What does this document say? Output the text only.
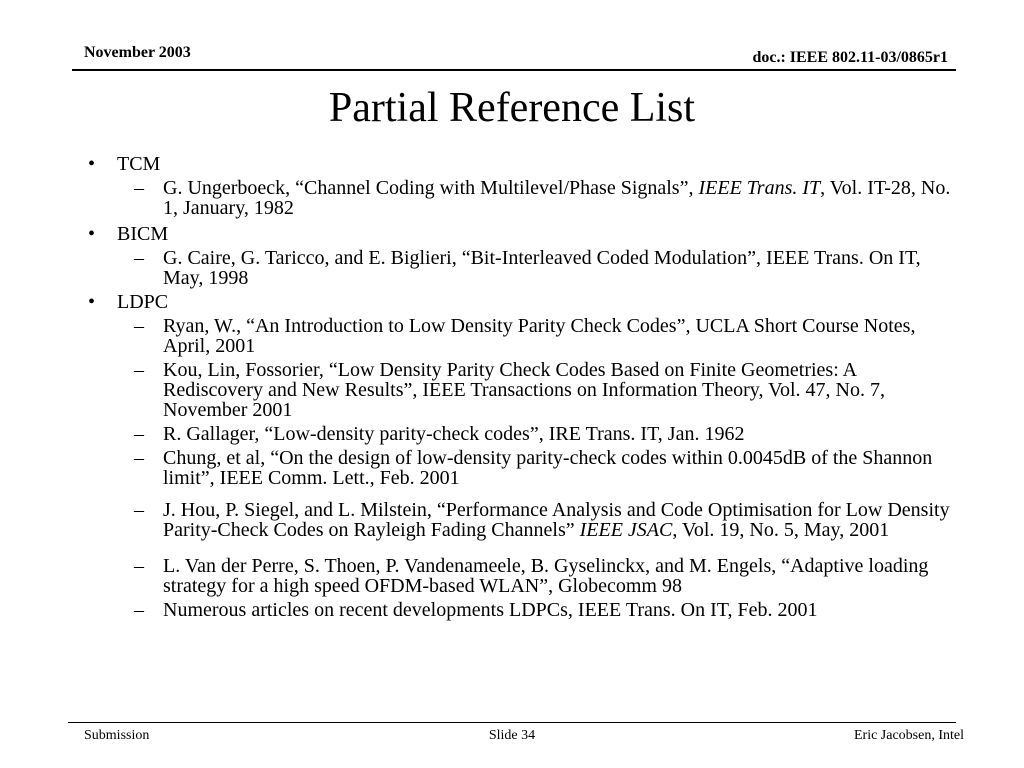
November 2003	doc.: IEEE 802.11-03/0865r1
Partial Reference List
• TCM
– G. Ungerboeck, “Channel Coding with Multilevel/Phase Signals”, IEEE Trans. IT, Vol. IT-28, No. 1, January, 1982
• BICM
– G. Caire, G. Taricco, and E. Biglieri, “Bit-Interleaved Coded Modulation”, IEEE Trans. On IT, May, 1998
• LDPC
– Ryan, W., “An Introduction to Low Density Parity Check Codes”, UCLA Short Course Notes, April, 2001
– Kou, Lin, Fossorier, “Low Density Parity Check Codes Based on Finite Geometries: A Rediscovery and New Results”, IEEE Transactions on Information Theory, Vol. 47, No. 7, November 2001
– R. Gallager, “Low-density parity-check codes”, IRE Trans. IT, Jan. 1962
– Chung, et al, “On the design of low-density parity-check codes within 0.0045dB of the Shannon limit”, IEEE Comm. Lett., Feb. 2001
– J. Hou, P. Siegel, and L. Milstein, “Performance Analysis and Code Optimisation for Low Density Parity-Check Codes on Rayleigh Fading Channels” IEEE JSAC, Vol. 19, No. 5, May, 2001
– L. Van der Perre, S. Thoen, P. Vandenameele, B. Gyselinckx, and M. Engels, “Adaptive loading strategy for a high speed OFDM-based WLAN”, Globecomm 98
– Numerous articles on recent developments LDPCs, IEEE Trans. On IT, Feb. 2001
Submission	Slide 34	Eric Jacobsen, Intel
